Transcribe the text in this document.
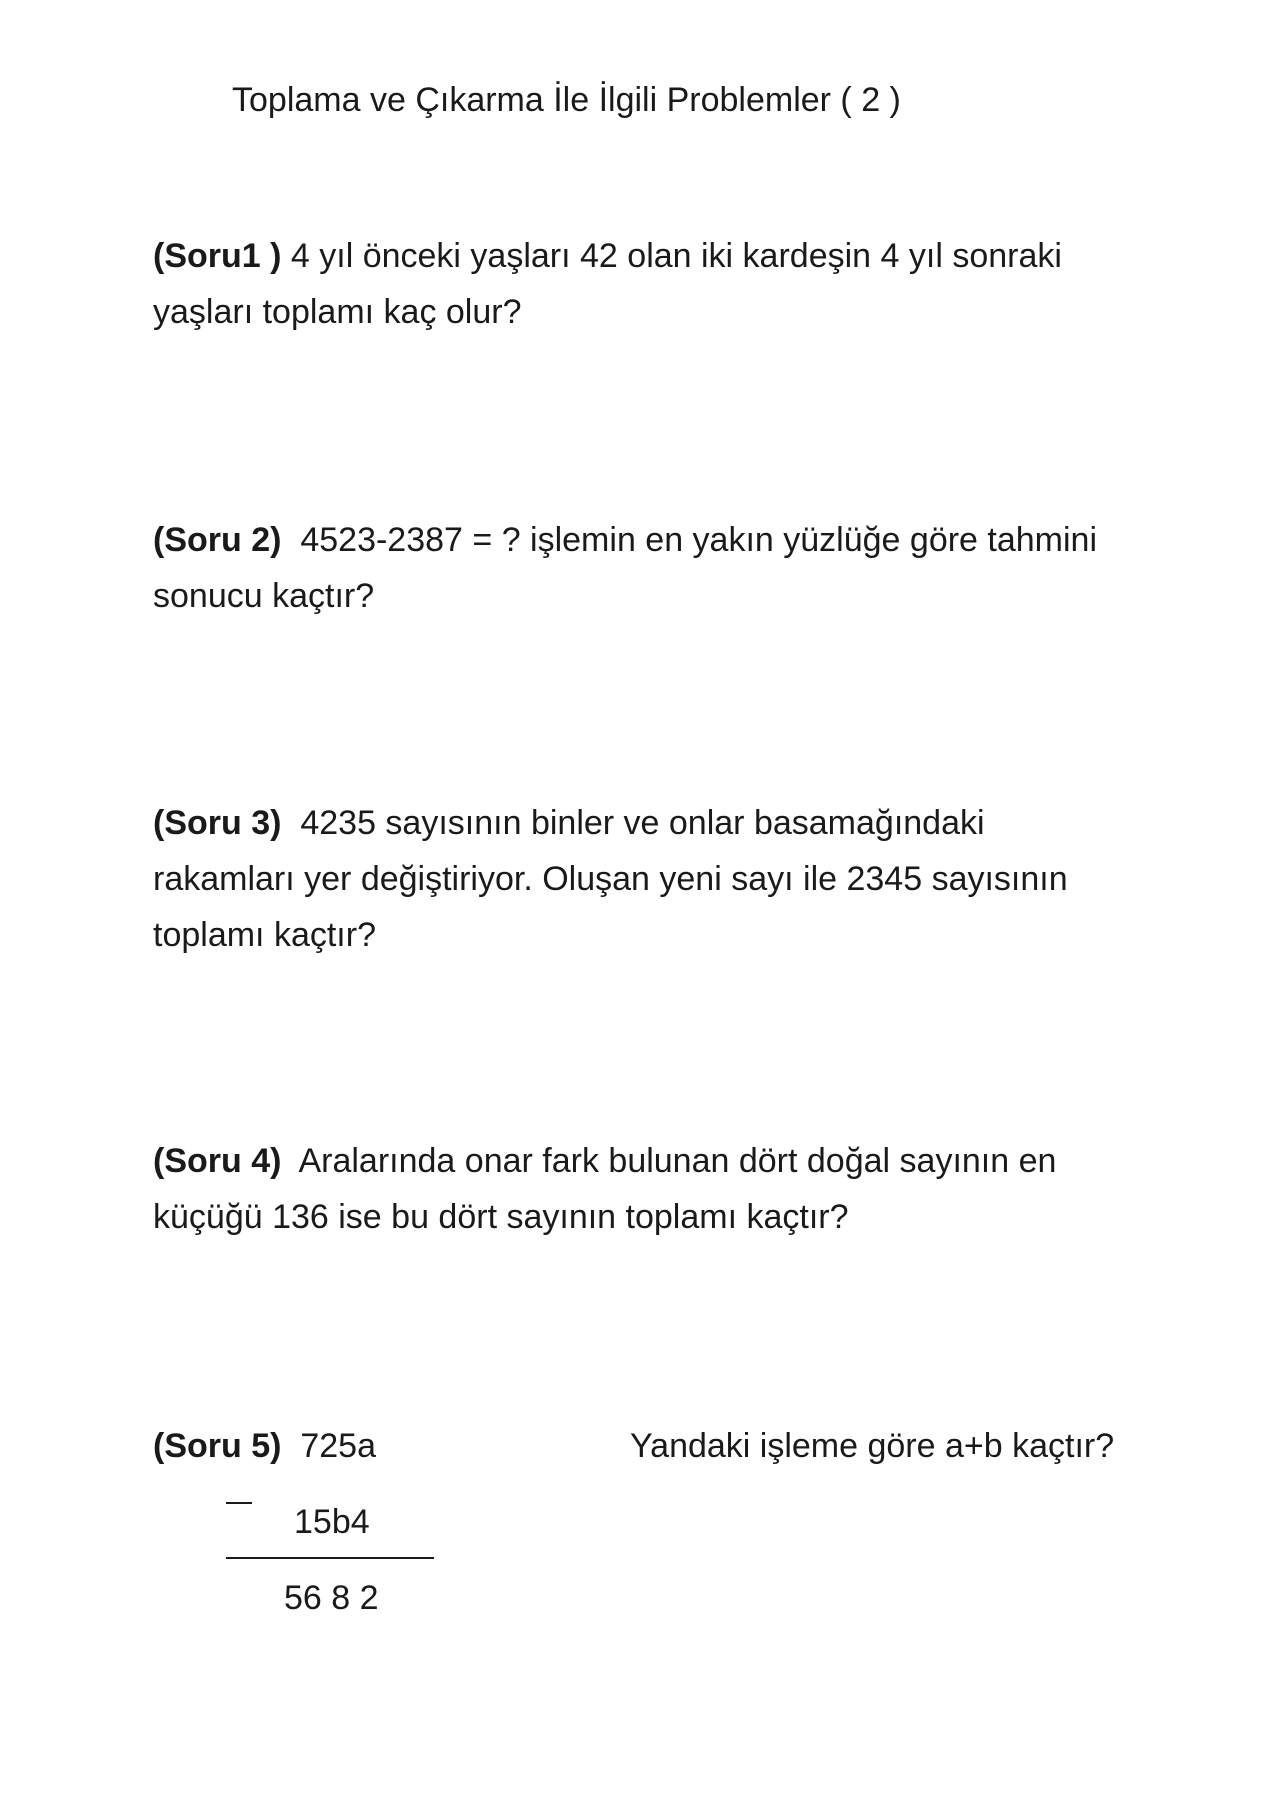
Toplama ve Çıkarma İle İlgili Problemler ( 2 )
(Soru1 ) 4 yıl önceki yaşları 42 olan iki kardeşin 4 yıl sonraki
yaşları toplamı kaç olur?
(Soru 2)  4523-2387 = ? işlemin en yakın yüzlüğe göre tahmini
sonucu kaçtır?
(Soru 3)  4235 sayısının binler ve onlar basamağındaki
rakamları yer değiştiriyor. Oluşan yeni sayı ile 2345 sayısının
toplamı kaçtır?
(Soru 4)  Aralarında onar fark bulunan dört doğal sayının en
küçüğü 136 ise bu dört sayının toplamı kaçtır?
(Soru 5)  725a	Yandaki işleme göre a+b kaçtır?
15b4
56 8 2
